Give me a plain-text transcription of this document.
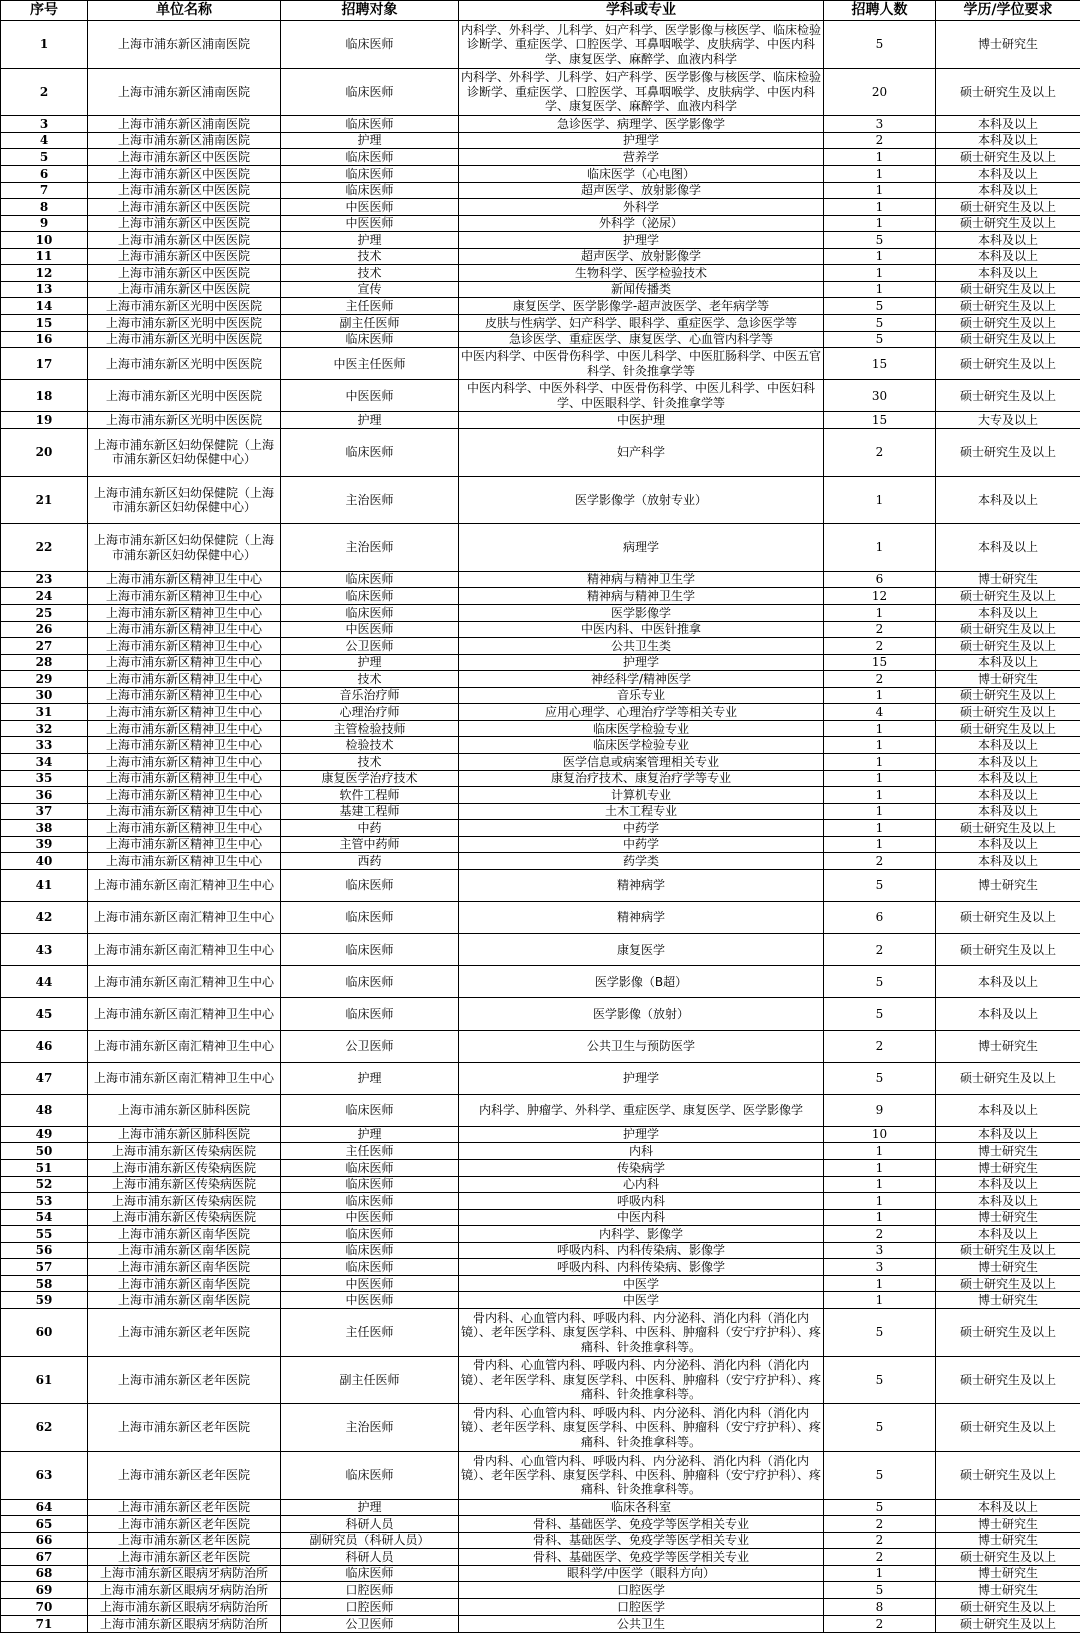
序号	单位名称	招聘对象	学科或专业	招聘人数	学历/学位要求
1	上海市浦东新区浦南医院	临床医师	内科学、外科学、儿科学、妇产科学、医学影像与核医学、临床检验诊断学、重症医学、口腔医学、耳鼻咽喉学、皮肤病学、中医内科学、康复医学、麻醉学、血液内科学	5	博士研究生
2	上海市浦东新区浦南医院	临床医师	内科学、外科学、儿科学、妇产科学、医学影像与核医学、临床检验诊断学、重症医学、口腔医学、耳鼻咽喉学、皮肤病学、中医内科学、康复医学、麻醉学、血液内科学	20	硕士研究生及以上
3	上海市浦东新区浦南医院	临床医师	急诊医学、病理学、医学影像学	3	本科及以上
4	上海市浦东新区浦南医院	护理	护理学	2	本科及以上
5	上海市浦东新区中医医院	临床医师	营养学	1	硕士研究生及以上
6	上海市浦东新区中医医院	临床医师	临床医学（心电图）	1	本科及以上
7	上海市浦东新区中医医院	临床医师	超声医学、放射影像学	1	本科及以上
8	上海市浦东新区中医医院	中医医师	外科学	1	硕士研究生及以上
9	上海市浦东新区中医医院	中医医师	外科学（泌尿）	1	硕士研究生及以上
10	上海市浦东新区中医医院	护理	护理学	5	本科及以上
11	上海市浦东新区中医医院	技术	超声医学、放射影像学	1	本科及以上
12	上海市浦东新区中医医院	技术	生物科学、医学检验技术	1	本科及以上
13	上海市浦东新区中医医院	宣传	新闻传播类	1	硕士研究生及以上
14	上海市浦东新区光明中医医院	主任医师	康复医学、医学影像学-超声波医学、老年病学等	5	硕士研究生及以上
15	上海市浦东新区光明中医医院	副主任医师	皮肤与性病学、妇产科学、眼科学、重症医学、急诊医学等	5	硕士研究生及以上
16	上海市浦东新区光明中医医院	临床医师	急诊医学、重症医学、康复医学、心血管内科学等	5	硕士研究生及以上
17	上海市浦东新区光明中医医院	中医主任医师	中医内科学、中医骨伤科学、中医儿科学、中医肛肠科学、中医五官科学、针灸推拿学等	15	硕士研究生及以上
18	上海市浦东新区光明中医医院	中医医师	中医内科学、中医外科学、中医骨伤科学、中医儿科学、中医妇科学、中医眼科学、针灸推拿学等	30	硕士研究生及以上
19	上海市浦东新区光明中医医院	护理	中医护理	15	大专及以上
20	上海市浦东新区妇幼保健院（上海市浦东新区妇幼保健中心）	临床医师	妇产科学	2	硕士研究生及以上
21	上海市浦东新区妇幼保健院（上海市浦东新区妇幼保健中心）	主治医师	医学影像学（放射专业）	1	本科及以上
22	上海市浦东新区妇幼保健院（上海市浦东新区妇幼保健中心）	主治医师	病理学	1	本科及以上
23	上海市浦东新区精神卫生中心	临床医师	精神病与精神卫生学	6	博士研究生
24	上海市浦东新区精神卫生中心	临床医师	精神病与精神卫生学	12	硕士研究生及以上
25	上海市浦东新区精神卫生中心	临床医师	医学影像学	1	本科及以上
26	上海市浦东新区精神卫生中心	中医医师	中医内科、中医针推拿	2	硕士研究生及以上
27	上海市浦东新区精神卫生中心	公卫医师	公共卫生类	2	硕士研究生及以上
28	上海市浦东新区精神卫生中心	护理	护理学	15	本科及以上
29	上海市浦东新区精神卫生中心	技术	神经科学/精神医学	2	博士研究生
30	上海市浦东新区精神卫生中心	音乐治疗师	音乐专业	1	硕士研究生及以上
31	上海市浦东新区精神卫生中心	心理治疗师	应用心理学、心理治疗学等相关专业	4	硕士研究生及以上
32	上海市浦东新区精神卫生中心	主管检验技师	临床医学检验专业	1	硕士研究生及以上
33	上海市浦东新区精神卫生中心	检验技术	临床医学检验专业	1	本科及以上
34	上海市浦东新区精神卫生中心	技术	医学信息或病案管理相关专业	1	本科及以上
35	上海市浦东新区精神卫生中心	康复医学治疗技术	康复治疗技术、康复治疗学等专业	1	本科及以上
36	上海市浦东新区精神卫生中心	软件工程师	计算机专业	1	本科及以上
37	上海市浦东新区精神卫生中心	基建工程师	土木工程专业	1	本科及以上
38	上海市浦东新区精神卫生中心	中药	中药学	1	硕士研究生及以上
39	上海市浦东新区精神卫生中心	主管中药师	中药学	1	本科及以上
40	上海市浦东新区精神卫生中心	西药	药学类	2	本科及以上
41	上海市浦东新区南汇精神卫生中心	临床医师	精神病学	5	博士研究生
42	上海市浦东新区南汇精神卫生中心	临床医师	精神病学	6	硕士研究生及以上
43	上海市浦东新区南汇精神卫生中心	临床医师	康复医学	2	硕士研究生及以上
44	上海市浦东新区南汇精神卫生中心	临床医师	医学影像（B超）	5	本科及以上
45	上海市浦东新区南汇精神卫生中心	临床医师	医学影像（放射）	5	本科及以上
46	上海市浦东新区南汇精神卫生中心	公卫医师	公共卫生与预防医学	2	博士研究生
47	上海市浦东新区南汇精神卫生中心	护理	护理学	5	硕士研究生及以上
48	上海市浦东新区肺科医院	临床医师	内科学、肿瘤学、外科学、重症医学、康复医学、医学影像学	9	本科及以上
49	上海市浦东新区肺科医院	护理	护理学	10	本科及以上
50	上海市浦东新区传染病医院	主任医师	内科	1	博士研究生
51	上海市浦东新区传染病医院	临床医师	传染病学	1	博士研究生
52	上海市浦东新区传染病医院	临床医师	心内科	1	本科及以上
53	上海市浦东新区传染病医院	临床医师	呼吸内科	1	本科及以上
54	上海市浦东新区传染病医院	中医医师	中医内科	1	博士研究生
55	上海市浦东新区南华医院	临床医师	内科学、影像学	2	本科及以上
56	上海市浦东新区南华医院	临床医师	呼吸内科、内科传染病、影像学	3	硕士研究生及以上
57	上海市浦东新区南华医院	临床医师	呼吸内科、内科传染病、影像学	3	博士研究生
58	上海市浦东新区南华医院	中医医师	中医学	1	硕士研究生及以上
59	上海市浦东新区南华医院	中医医师	中医学	1	博士研究生
60	上海市浦东新区老年医院	主任医师	骨内科、心血管内科、呼吸内科、内分泌科、消化内科（消化内镜）、老年医学科、康复医学科、中医科、肿瘤科（安宁疗护科）、疼痛科、针灸推拿科等。	5	硕士研究生及以上
61	上海市浦东新区老年医院	副主任医师	骨内科、心血管内科、呼吸内科、内分泌科、消化内科（消化内镜）、老年医学科、康复医学科、中医科、肿瘤科（安宁疗护科）、疼痛科、针灸推拿科等。	5	硕士研究生及以上
62	上海市浦东新区老年医院	主治医师	骨内科、心血管内科、呼吸内科、内分泌科、消化内科（消化内镜）、老年医学科、康复医学科、中医科、肿瘤科（安宁疗护科）、疼痛科、针灸推拿科等。	5	硕士研究生及以上
63	上海市浦东新区老年医院	临床医师	骨内科、心血管内科、呼吸内科、内分泌科、消化内科（消化内镜）、老年医学科、康复医学科、中医科、肿瘤科（安宁疗护科）、疼痛科、针灸推拿科等。	5	硕士研究生及以上
64	上海市浦东新区老年医院	护理	临床各科室	5	本科及以上
65	上海市浦东新区老年医院	科研人员	骨科、基础医学、免疫学等医学相关专业	2	博士研究生
66	上海市浦东新区老年医院	副研究员（科研人员）	骨科、基础医学、免疫学等医学相关专业	2	博士研究生
67	上海市浦东新区老年医院	科研人员	骨科、基础医学、免疫学等医学相关专业	2	硕士研究生及以上
68	上海市浦东新区眼病牙病防治所	临床医师	眼科学/中医学（眼科方向）	1	博士研究生
69	上海市浦东新区眼病牙病防治所	口腔医师	口腔医学	5	博士研究生
70	上海市浦东新区眼病牙病防治所	口腔医师	口腔医学	8	硕士研究生及以上
71	上海市浦东新区眼病牙病防治所	公卫医师	公共卫生	2	硕士研究生及以上
